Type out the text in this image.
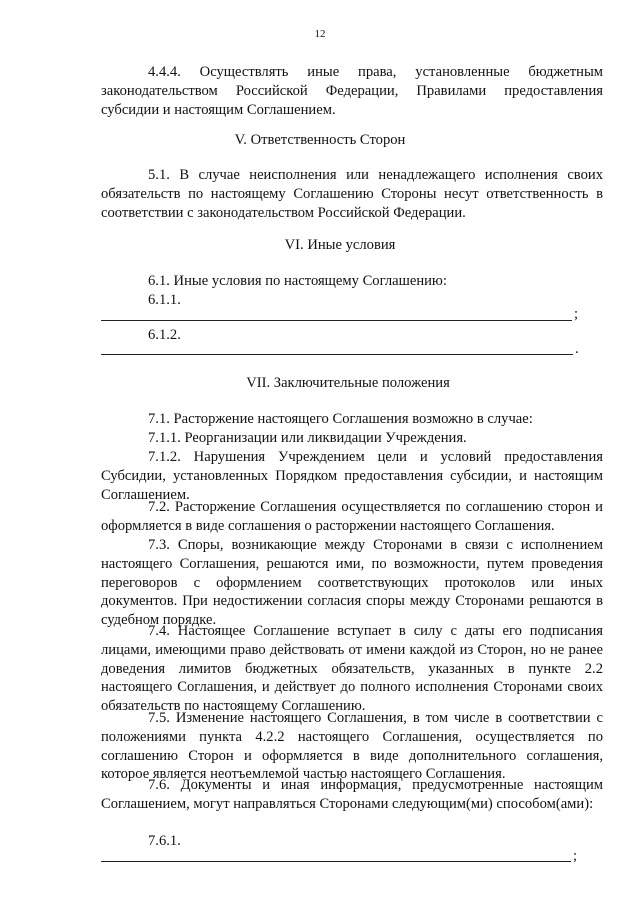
12

4.4.4. Осуществлять иные права, установленные бюджетным законодательством Российской Федерации, Правилами предоставления субсидии и настоящим Соглашением.

V. Ответственность Сторон

5.1. В случае неисполнения или ненадлежащего исполнения своих обязательств по настоящему Соглашению Стороны несут ответственность в соответствии с законодательством Российской Федерации.

VI. Иные условия

6.1. Иные условия по настоящему Соглашению:

6.1.1.

;

6.1.2.

.

VII. Заключительные положения

7.1. Расторжение настоящего Соглашения возможно в случае:

7.1.1. Реорганизации или ликвидации Учреждения.

7.1.2. Нарушения Учреждением цели и условий предоставления Субсидии, установленных Порядком предоставления субсидии, и настоящим Соглашением.

7.2. Расторжение Соглашения осуществляется по соглашению сторон и оформляется в виде соглашения о расторжении настоящего Соглашения.

7.3. Споры, возникающие между Сторонами в связи с исполнением настоящего Соглашения, решаются ими, по возможности, путем проведения переговоров с оформлением соответствующих протоколов или иных документов. При недостижении согласия споры между Сторонами решаются в судебном порядке.

7.4. Настоящее Соглашение вступает в силу с даты его подписания лицами, имеющими право действовать от имени каждой из Сторон, но не ранее доведения лимитов бюджетных обязательств, указанных в пункте 2.2 настоящего Соглашения, и действует до полного исполнения Сторонами своих обязательств по настоящему Соглашению.

7.5. Изменение настоящего Соглашения, в том числе в соответствии с положениями пункта 4.2.2 настоящего Соглашения, осуществляется по соглашению Сторон и оформляется в виде дополнительного соглашения, которое является неотъемлемой частью настоящего Соглашения.

7.6. Документы и иная информация, предусмотренные настоящим Соглашением, могут направляться Сторонами следующим(ми) способом(ами):

7.6.1.

;
